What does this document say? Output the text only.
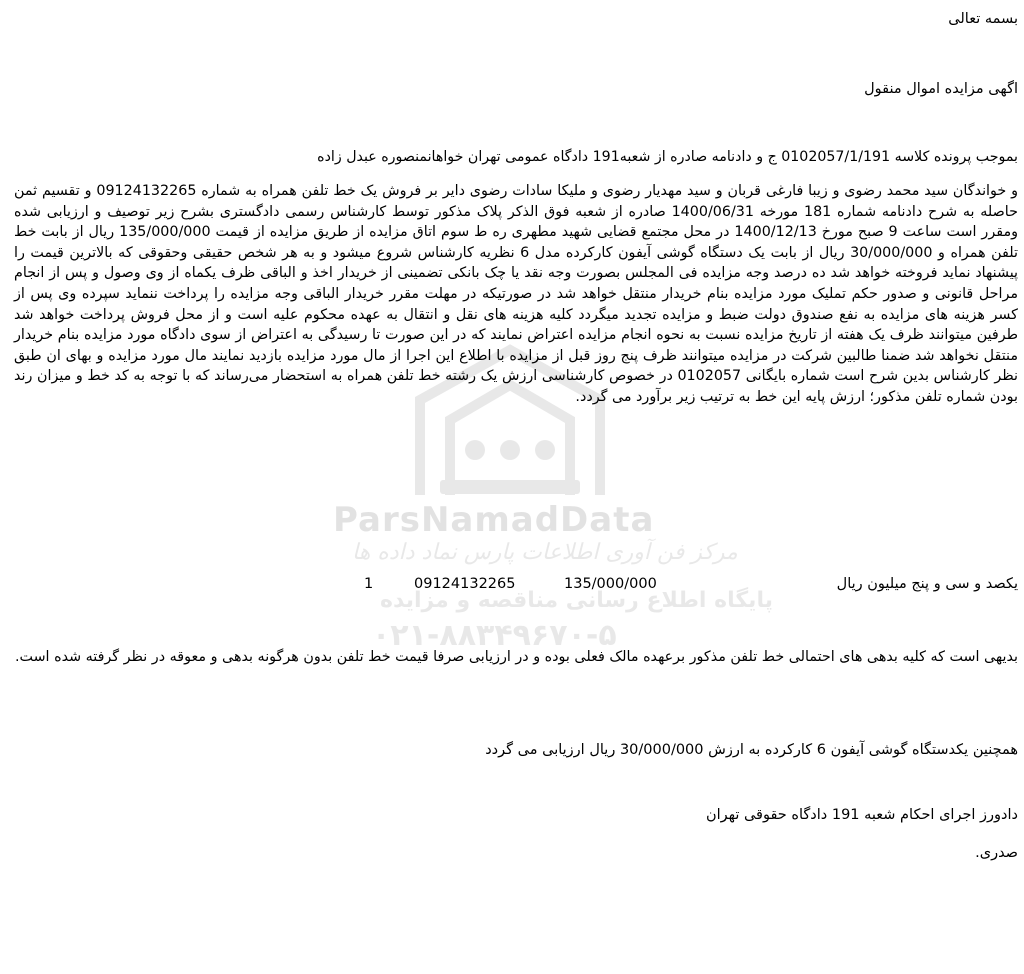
ParsNamadData
مرکز فن آوری اطلاعات پارس نماد داده ها
پایگاه اطلاع رسانی مناقصه و مزایده
۰۲۱-۸۸۳۴۹۶۷۰-۵
بسمه تعالی
اگهی مزایده اموال منقول
بموجب پرونده کلاسه 0102057/1/191 ج و دادنامه صادره از شعبه191 دادگاه عمومی تهران خواهانمنصوره عبدل زاده
و خواندگان سید محمد رضوی و زیبا فارغی قربان و سید مهدیار رضوی و ملیکا سادات رضوی دایر بر فروش یک خط تلفن همراه به شماره 09124132265 و تقسیم ثمن حاصله به شرح دادنامه شماره 181 مورخه 1400/06/31 صادره از شعبه فوق الذکر پلاک مذکور توسط کارشناس رسمی دادگستری بشرح زیر توصیف و ارزیابی شده ومقرر است ساعت 9 صبح مورخ 1400/12/13 در محل مجتمع قضایی شهید مطهری ره ط سوم اتاق مزایده از طریق مزایده از قیمت 135/000/000 ریال از بابت خط تلفن همراه و 30/000/000 ریال از بابت یک دستگاه گوشی آیفون کارکرده مدل 6 نظریه کارشناس شروع میشود و به هر شخص حقیقی وحقوقی که بالاترین قیمت را پیشنهاد نماید فروخته خواهد شد ده درصد وجه مزایده فی المجلس بصورت وجه نقد یا چک بانکی تضمینی از خریدار اخذ و الباقی ظرف یکماه از وی وصول و پس از انجام مراحل قانونی و صدور حکم تملیک مورد مزایده بنام خریدار منتقل خواهد شد در صورتیکه در مهلت مقرر خریدار الباقی وجه مزایده را پرداخت ننماید سپرده وی پس از کسر هزینه های مزایده به نفع صندوق دولت ضبط و مزایده تجدید میگردد کلیه هزینه های نقل و انتقال به عهده محکوم علیه است و از محل فروش پرداخت خواهد شد طرفین میتوانند ظرف یک هفته از تاریخ مزایده نسبت به نحوه انجام مزایده اعتراض نمایند که در این صورت تا رسیدگی به اعتراض از سوی دادگاه مورد مزایده بنام خریدار منتقل نخواهد شد ضمنا طالبین شرکت در مزایده میتوانند ظرف پنج روز قبل از مزایده با اطلاع این اجرا از مال مورد مزایده بازدید نمایند مال مورد مزایده و بهای ان طبق نظر کارشناس بدین شرح است شماره بایگانی 0102057 در خصوص کارشناسی ارزش یک رشته خط تلفن همراه به استحضار می‌رساند که با توجه به کد خط و میزان رند بودن شماره تلفن مذکور؛ ارزش پایه این خط به ترتیب زیر برآورد می گردد.
یکصد و سی و پنج میلیون ریال
1	09124132265	135/000/000
بدیهی است که کلیه بدهی های احتمالی خط تلفن مذکور برعهده مالک فعلی بوده و در ارزیابی صرفا قیمت خط تلفن بدون هرگونه بدهی و معوقه در نظر گرفته شده است.
همچنین یکدستگاه گوشی آیفون 6 کارکرده به ارزش 30/000/000 ریال ارزیابی می گردد
دادورز اجرای احکام شعبه 191 دادگاه حقوقی تهران
صدری.
